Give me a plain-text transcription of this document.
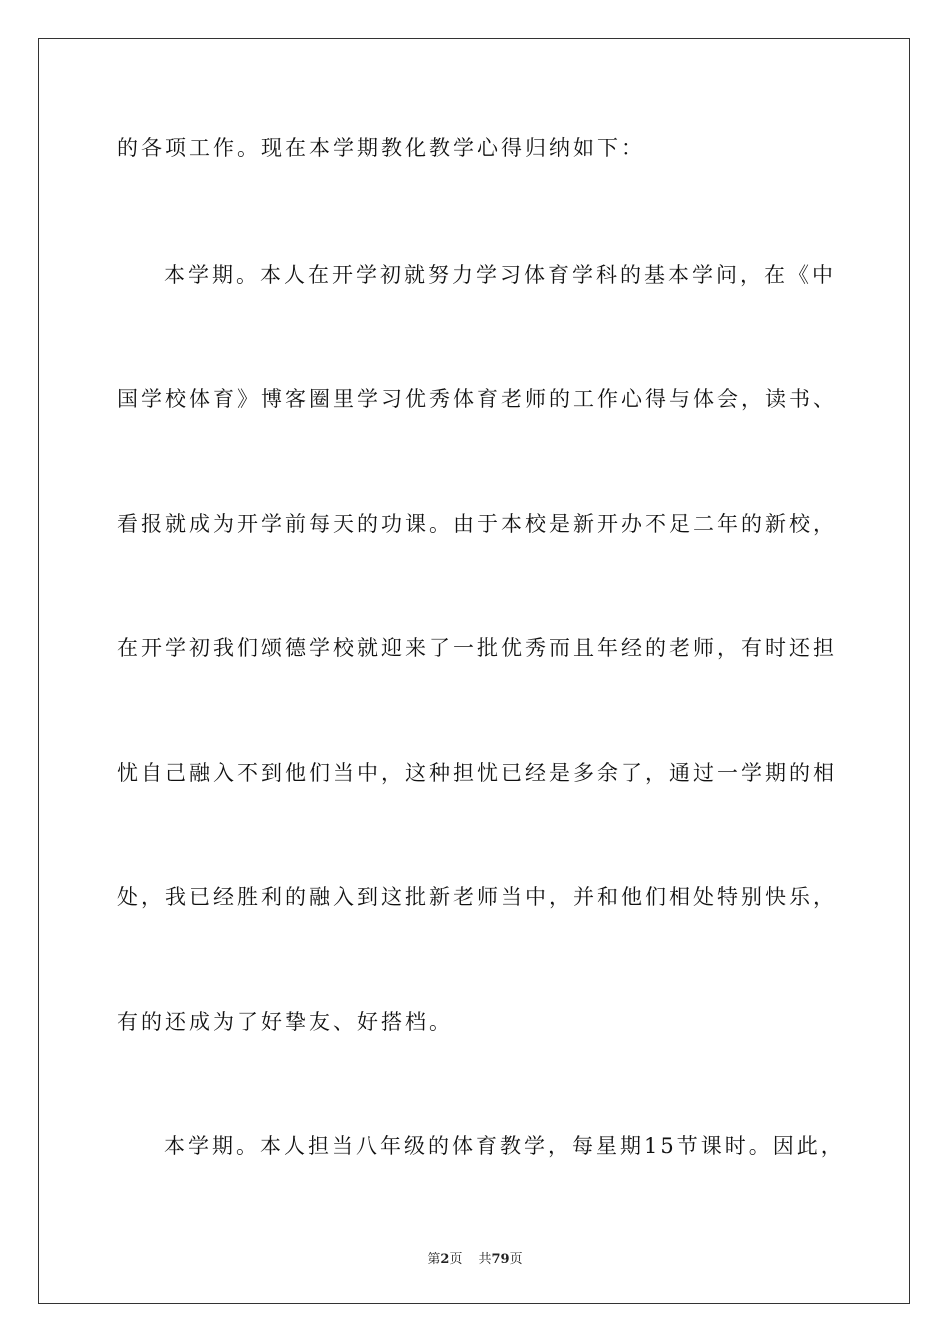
的各项工作。现在本学期教化教学心得归纳如下：
本学期。本人在开学初就努力学习体育学科的基本学问，在《中
国学校体育》博客圈里学习优秀体育老师的工作心得与体会，读书、
看报就成为开学前每天的功课。由于本校是新开办不足二年的新校，
在开学初我们颂德学校就迎来了一批优秀而且年经的老师，有时还担
忧自己融入不到他们当中，这种担忧已经是多余了，通过一学期的相
处，我已经胜利的融入到这批新老师当中，并和他们相处特别快乐，
有的还成为了好挚友、好搭档。
本学期。本人担当八年级的体育教学，每星期15节课时。因此，
第2页 共79页
